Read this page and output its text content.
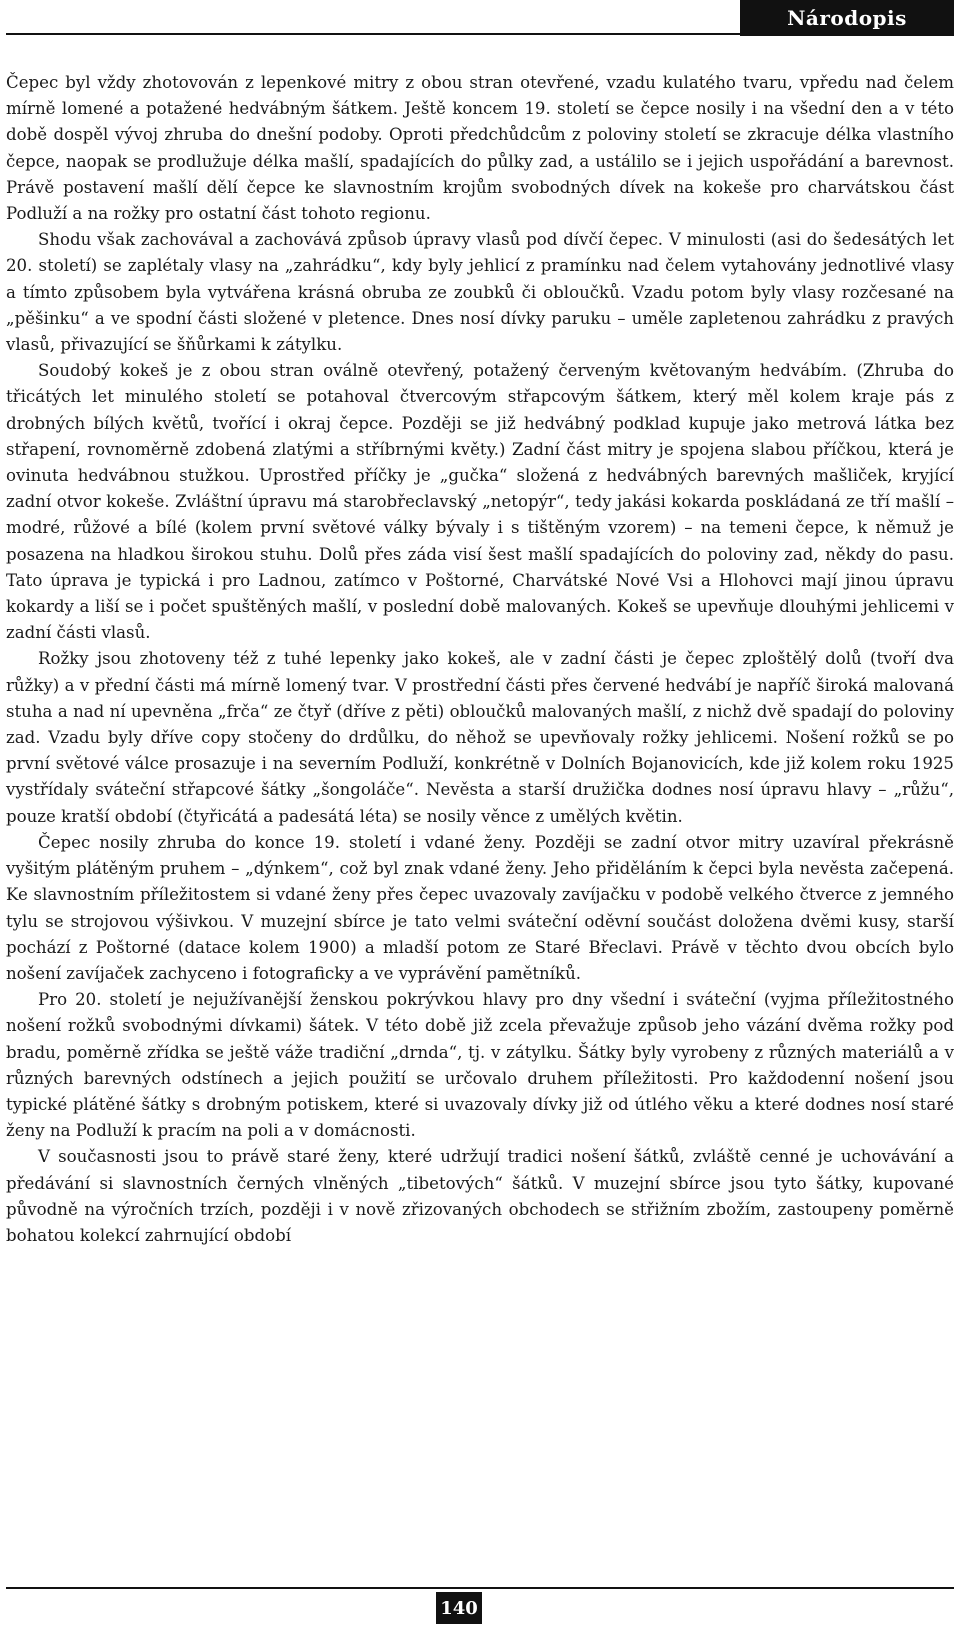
Národopis

Čepec byl vždy zhotovován z lepenkové mitry z obou stran otevřené, vzadu kulatého tvaru, vpředu nad čelem mírně lomené a potažené hedvábným šátkem. Ještě koncem 19. století se čepce nosily i na všední den a v této době dospěl vývoj zhruba do dnešní podoby. Oproti předchůdcům z poloviny století se zkracuje délka vlastního čepce, naopak se prodlužuje délka mašlí, spadajících do půlky zad, a ustálilo se i jejich uspořádání a barevnost. Právě postavení mašlí dělí čepce ke slavnostním krojům svobodných dívek na kokeše pro charvátskou část Podluží a na rožky pro ostatní část tohoto regionu.

Shodu však zachovával a zachovává způsob úpravy vlasů pod dívčí čepec. V minulosti (asi do šedesátých let 20. století) se zaplétaly vlasy na „zahrádku“, kdy byly jehlicí z pramínku nad čelem vytahovány jednotlivé vlasy a tímto způsobem byla vytvářena krásná obruba ze zoubků či obloučků. Vzadu potom byly vlasy rozčesané na „pěšinku“ a ve spodní části složené v pletence. Dnes nosí dívky paruku – uměle zapletenou zahrádku z pravých vlasů, přivazující se šňůrkami k zátylku.

Soudobý kokeš je z obou stran oválně otevřený, potažený červeným květovaným hedvábím. (Zhruba do třicátých let minulého století se potahoval čtvercovým střapcovým šátkem, který měl kolem kraje pás z drobných bílých květů, tvořící i okraj čepce. Později se již hedvábný podklad kupuje jako metrová látka bez střapení, rovnoměrně zdobená zlatými a stříbrnými květy.) Zadní část mitry je spojena slabou příčkou, která je ovinuta hedvábnou stužkou. Uprostřed příčky je „gučka“ složená z hedvábných barevných mašliček, kryjící zadní otvor kokeše. Zvláštní úpravu má starobřeclavský „netopýr“, tedy jakási kokarda poskládaná ze tří mašlí – modré, růžové a bílé (kolem první světové války bývaly i s tištěným vzorem) – na temeni čepce, k němuž je posazena na hladkou širokou stuhu. Dolů přes záda visí šest mašlí spadajících do poloviny zad, někdy do pasu. Tato úprava je typická i pro Ladnou, zatímco v Poštorné, Charvátské Nové Vsi a Hlohovci mají jinou úpravu kokardy a liší se i počet spuštěných mašlí, v poslední době malovaných. Kokeš se upevňuje dlouhými jehlicemi v zadní části vlasů.

Rožky jsou zhotoveny též z tuhé lepenky jako kokeš, ale v zadní části je čepec zploštělý dolů (tvoří dva růžky) a v přední části má mírně lomený tvar. V prostřední části přes červené hedvábí je napříč široká malovaná stuha a nad ní upevněna „frča“ ze čtyř (dříve z pěti) obloučků malovaných mašlí, z nichž dvě spadají do poloviny zad. Vzadu byly dříve copy stočeny do drdůlku, do něhož se upevňovaly rožky jehlicemi. Nošení rožků se po první světové válce prosazuje i na severním Podluží, konkrétně v Dolních Bojanovicích, kde již kolem roku 1925 vystřídaly sváteční střapcové šátky „šongoláče“. Nevěsta a starší družička dodnes nosí úpravu hlavy – „růžu“, pouze kratší období (čtyřicátá a padesátá léta) se nosily věnce z umělých květin.

Čepec nosily zhruba do konce 19. století i vdané ženy. Později se zadní otvor mitry uzavíral překrásně vyšitým plátěným pruhem – „dýnkem“, což byl znak vdané ženy. Jeho přiděláním k čepci byla nevěsta začepená. Ke slavnostním příležitostem si vdané ženy přes čepec uvazovaly zavíjačku v podobě velkého čtverce z jemného tylu se strojovou výšivkou. V muzejní sbírce je tato velmi sváteční oděvní součást doložena dvěmi kusy, starší pochází z Poštorné (datace kolem 1900) a mladší potom ze Staré Břeclavi. Právě v těchto dvou obcích bylo nošení zavíjaček zachyceno i fotograficky a ve vyprávění pamětníků.

Pro 20. století je nejužívanější ženskou pokrývkou hlavy pro dny všední i sváteční (vyjma příležitostného nošení rožků svobodnými dívkami) šátek. V této době již zcela převažuje způsob jeho vázání dvěma rožky pod bradu, poměrně zřídka se ještě váže tradiční „drnda“, tj. v zátylku. Šátky byly vyrobeny z různých materiálů a v různých barevných odstínech a jejich použití se určovalo druhem příležitosti. Pro každodenní nošení jsou typické plátěné šátky s drobným potiskem, které si uvazovaly dívky již od útlého věku a které dodnes nosí staré ženy na Podluží k pracím na poli a v domácnosti.

V současnosti jsou to právě staré ženy, které udržují tradici nošení šátků, zvláště cenné je uchovávání a předávání si slavnostních černých vlněných „tibetových“ šátků. V muzejní sbírce jsou tyto šátky, kupované původně na výročních trzích, později i v nově zřizovaných obchodech se střižním zbožím, zastoupeny poměrně bohatou kolekcí zahrnující období

140
